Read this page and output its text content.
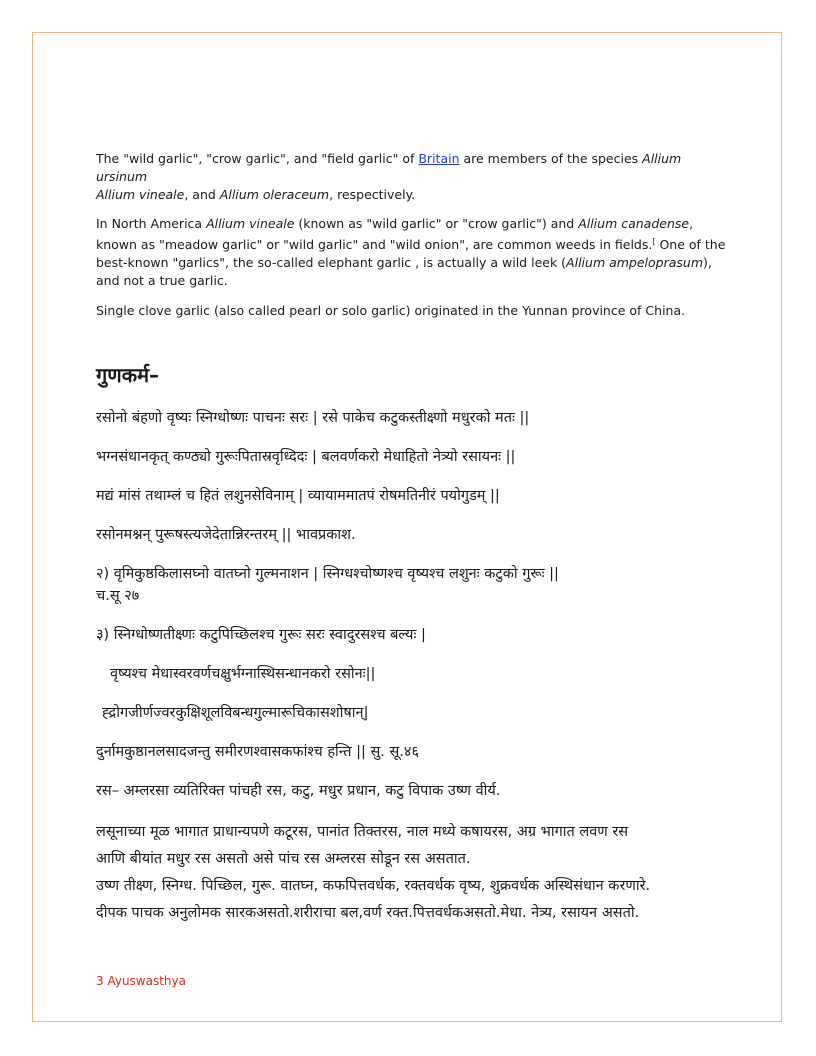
The "wild garlic", "crow garlic", and "field garlic" of Britain are members of the species Allium ursinum
Allium vineale, and Allium oleraceum, respectively.

In North America Allium vineale (known as "wild garlic" or "crow garlic") and Allium canadense, known as "meadow garlic" or "wild garlic" and "wild onion", are common weeds in fields.[ One of the best-known "garlics", the so-called elephant garlic , is actually a wild leek (Allium ampeloprasum), and not a true garlic.

Single clove garlic (also called pearl or solo garlic) originated in the Yunnan province of China.

गुणकर्म–

रसोनो बंहणो वृष्यः स्निग्धोष्णः पाचनः सरः | रसे पाकेच कटुकस्तीक्ष्णो मधुरको मतः ||

भग्नसंधानकृत् कण्ठ्यो गुरूःपितास्रवृध्दिदः | बलवर्णकरो मेधाहितो नेत्र्यो रसायनः ||

मद्यं मांसं तथाम्लं च हितं लशुनसेविनाम् | व्यायाममातपं रोषमतिनीरं पयोगुडम् ||

रसोनमश्नन् पुरूषस्त्यजेदेतान्निरन्तरम् || भावप्रकाश.

२) वृमिकुष्ठकिलासघ्नो वातघ्नो गुल्मनाशन | स्निग्धश्चोष्णश्च वृष्यश्च लशुनः कटुको गुरूः ||

च.सू २७

३) स्निग्धोष्णतीक्ष्णः कटुपिच्छिलश्च गुरूः सरः स्वादुरसश्च बल्यः |

वृष्यश्च मेधास्वरवर्णचक्षुर्भग्नास्थिसन्धानकरो रसोनः||

ह्द्रोगजीर्णज्वरकुक्षिशूलविबन्धगुल्मारूचिकासशोषान्|

दुर्नामकुष्ठानलसादजन्तु समीरणश्वासकफांश्च हन्ति || सु. सू.४६

रस– अम्लरसा व्यतिरिक्त पांचही रस, कटु, मधुर प्रधान, कटु विपाक उष्ण वीर्य.

लसूनाच्या मूळ भागात प्राधान्यपणे कटूरस, पानांत तिक्तरस, नाल मध्ये कषायरस, अग्र भागात लवण रस

आणि बीयांत मधुर रस असतो असे पांच रस अम्लरस सोडून रस असतात.

उष्ण तीक्ष्ण, स्निग्ध. पिच्छिल, गुरू. वातघ्न, कफपित्तवर्धक, रक्तवर्धक वृष्य, शुक्रवर्धक अस्थिसंधान करणारे.

दीपक पाचक अनुलोमक सारकअसतो.शरीराचा बल,वर्ण रक्त.पित्तवर्धकअसतो.मेधा. नेत्र्य, रसायन असतो.

3 Ayuswasthya
